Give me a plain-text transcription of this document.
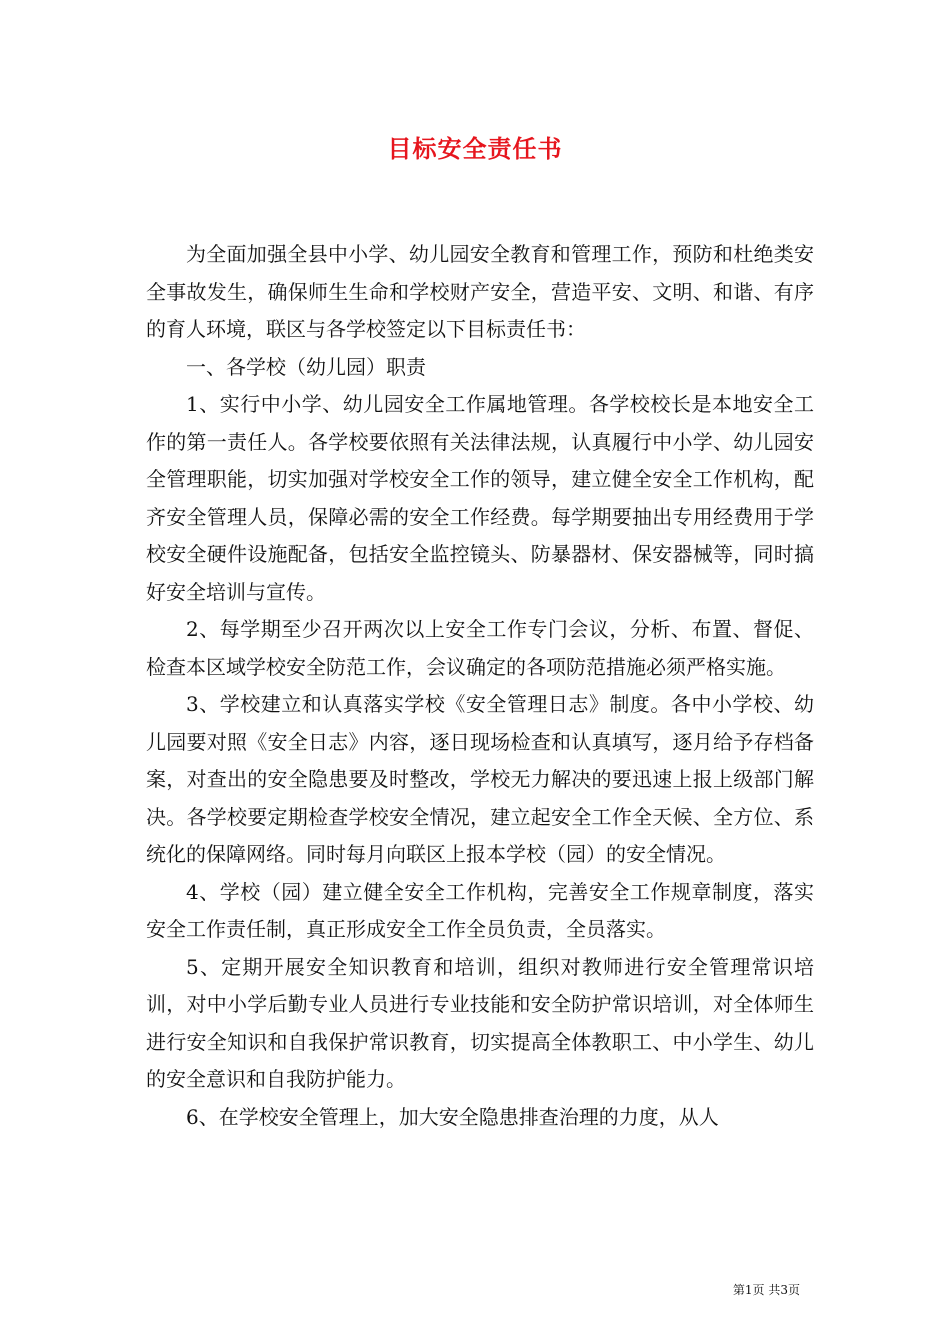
目标安全责任书

为全面加强全县中小学、幼儿园安全教育和管理工作，预防和杜绝类安全事故发生，确保师生生命和学校财产安全，营造平安、文明、和谐、有序的育人环境，联区与各学校签定以下目标责任书：

一、各学校（幼儿园）职责

1、实行中小学、幼儿园安全工作属地管理。各学校校长是本地安全工作的第一责任人。各学校要依照有关法律法规，认真履行中小学、幼儿园安全管理职能，切实加强对学校安全工作的领导，建立健全安全工作机构，配齐安全管理人员，保障必需的安全工作经费。每学期要抽出专用经费用于学校安全硬件设施配备，包括安全监控镜头、防暴器材、保安器械等，同时搞好安全培训与宣传。

2、每学期至少召开两次以上安全工作专门会议，分析、布置、督促、检查本区域学校安全防范工作，会议确定的各项防范措施必须严格实施。

3、学校建立和认真落实学校《安全管理日志》制度。各中小学校、幼儿园要对照《安全日志》内容，逐日现场检查和认真填写，逐月给予存档备案，对查出的安全隐患要及时整改，学校无力解决的要迅速上报上级部门解决。各学校要定期检查学校安全情况，建立起安全工作全天候、全方位、系统化的保障网络。同时每月向联区上报本学校（园）的安全情况。

4、学校（园）建立健全安全工作机构，完善安全工作规章制度，落实安全工作责任制，真正形成安全工作全员负责，全员落实。

5、定期开展安全知识教育和培训，组织对教师进行安全管理常识培训，对中小学后勤专业人员进行专业技能和安全防护常识培训，对全体师生进行安全知识和自我保护常识教育，切实提高全体教职工、中小学生、幼儿的安全意识和自我防护能力。

6、在学校安全管理上，加大安全隐患排查治理的力度，从人

第1页 共3页
